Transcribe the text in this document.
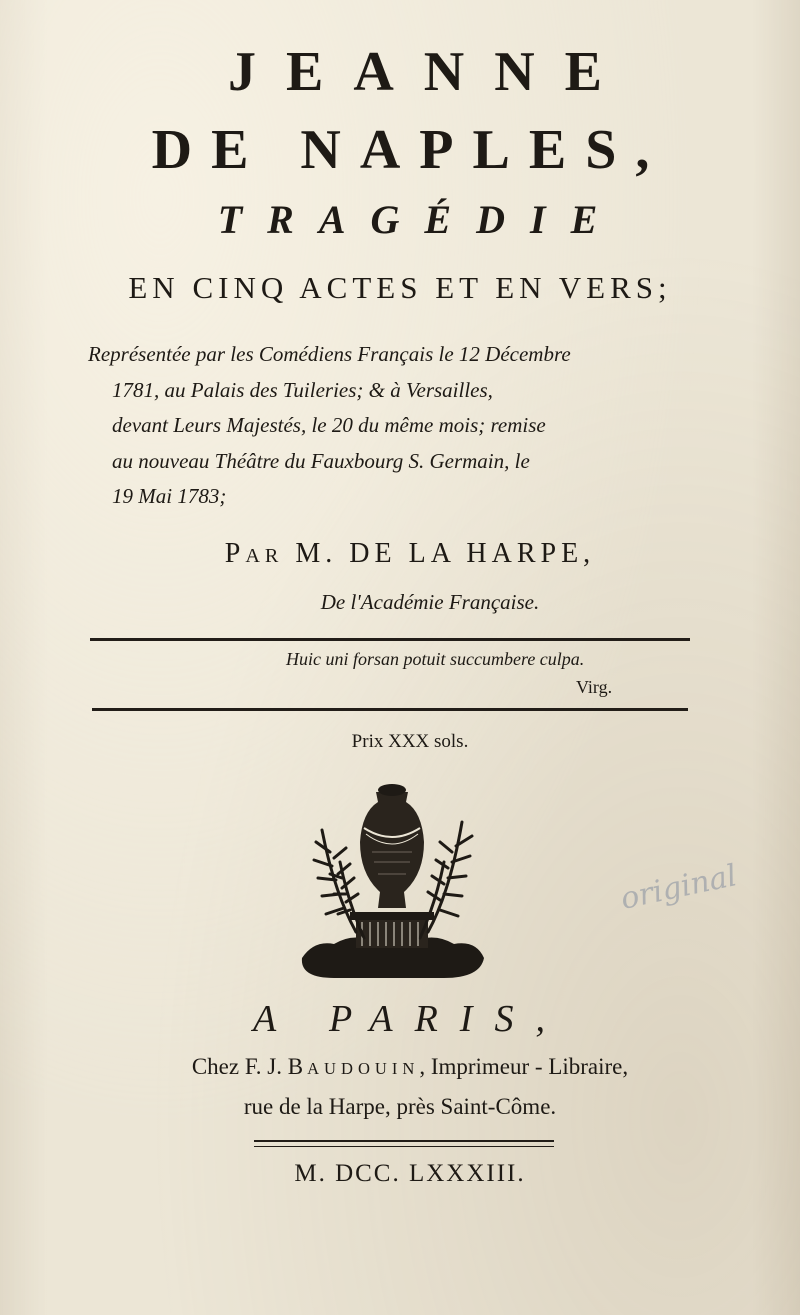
JEANNE
DE NAPLES,
TRAGÉDIE
EN CINQ ACTES ET EN VERS;
Représentée par les Comédiens Français le 12 Décembre
1781, au Palais des Tuileries; & à Versailles,
devant Leurs Majestés, le 20 du même mois; remise
au nouveau Théâtre du Fauxbourg S. Germain, le
19 Mai 1783;
PAR M. DE LA HARPE,
De l'Académie Française.
Huic uni forsan potuit succumbere culpa.
Virg.
Prix XXX sols.
A PARIS,
Chez F. J. BAUDOUIN, Imprimeur - Libraire,
rue de la Harpe, près Saint-Côme.
M. DCC. LXXXIII.
original
